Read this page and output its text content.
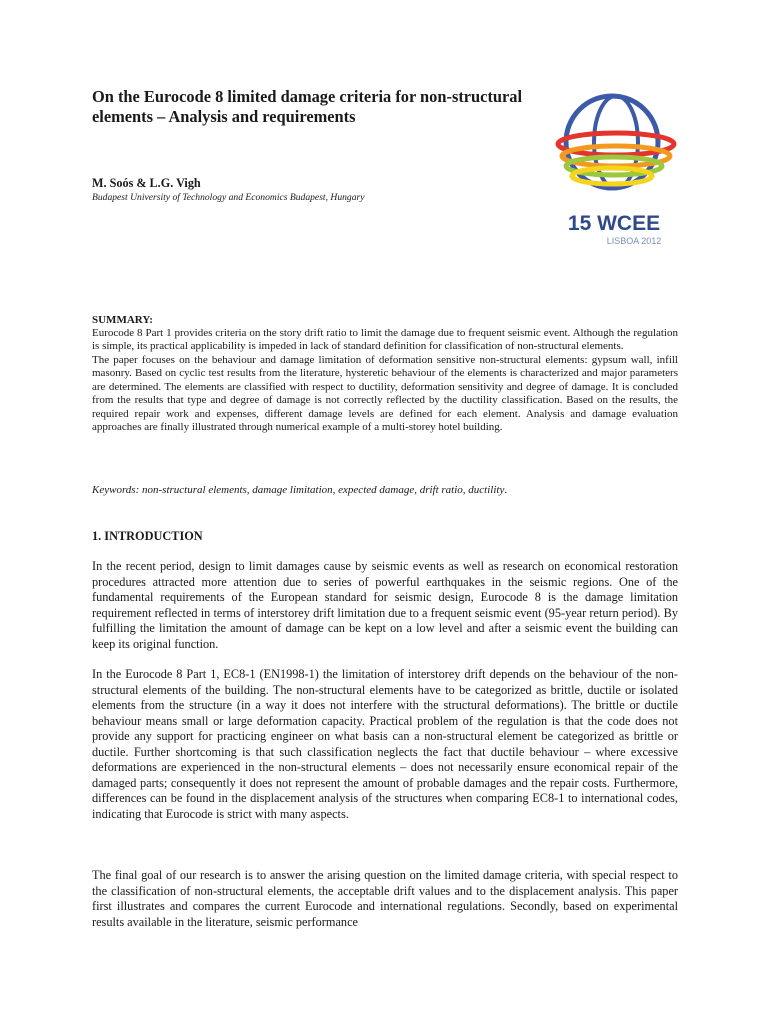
On the Eurocode 8 limited damage criteria for non-structural elements – Analysis and requirements

M. Soós & L.G. Vigh

Budapest University of Technology and Economics Budapest, Hungary

15 WCEE
LISBOA 2012

SUMMARY:

Eurocode 8 Part 1 provides criteria on the story drift ratio to limit the damage due to frequent seismic event. Although the regulation is simple, its practical applicability is impeded in lack of standard definition for classification of non-structural elements.

The paper focuses on the behaviour and damage limitation of deformation sensitive non-structural elements: gypsum wall, infill masonry. Based on cyclic test results from the literature, hysteretic behaviour of the elements is characterized and major parameters are determined. The elements are classified with respect to ductility, deformation sensitivity and degree of damage. It is concluded from the results that type and degree of damage is not correctly reflected by the ductility classification. Based on the results, the required repair work and expenses, different damage levels are defined for each element. Analysis and damage evaluation approaches are finally illustrated through numerical example of a multi-storey hotel building.

Keywords: non-structural elements, damage limitation, expected damage, drift ratio, ductility.

1. INTRODUCTION

In the recent period, design to limit damages cause by seismic events as well as research on economical restoration procedures attracted more attention due to series of powerful earthquakes in the seismic regions. One of the fundamental requirements of the European standard for seismic design, Eurocode 8 is the damage limitation requirement reflected in terms of interstorey drift limitation due to a frequent seismic event (95-year return period). By fulfilling the limitation the amount of damage can be kept on a low level and after a seismic event the building can keep its original function.

In the Eurocode 8 Part 1, EC8-1 (EN1998-1) the limitation of interstorey drift depends on the behaviour of the non-structural elements of the building. The non-structural elements have to be categorized as brittle, ductile or isolated elements from the structure (in a way it does not interfere with the structural deformations). The brittle or ductile behaviour means small or large deformation capacity. Practical problem of the regulation is that the code does not provide any support for practicing engineer on what basis can a non-structural element be categorized as brittle or ductile. Further shortcoming is that such classification neglects the fact that ductile behaviour – where excessive deformations are experienced in the non-structural elements – does not necessarily ensure economical repair of the damaged parts; consequently it does not represent the amount of probable damages and the repair costs. Furthermore, differences can be found in the displacement analysis of the structures when comparing EC8-1 to international codes, indicating that Eurocode is strict with many aspects.

The final goal of our research is to answer the arising question on the limited damage criteria, with special respect to the classification of non-structural elements, the acceptable drift values and to the displacement analysis. This paper first illustrates and compares the current Eurocode and international regulations. Secondly, based on experimental results available in the literature, seismic performance
